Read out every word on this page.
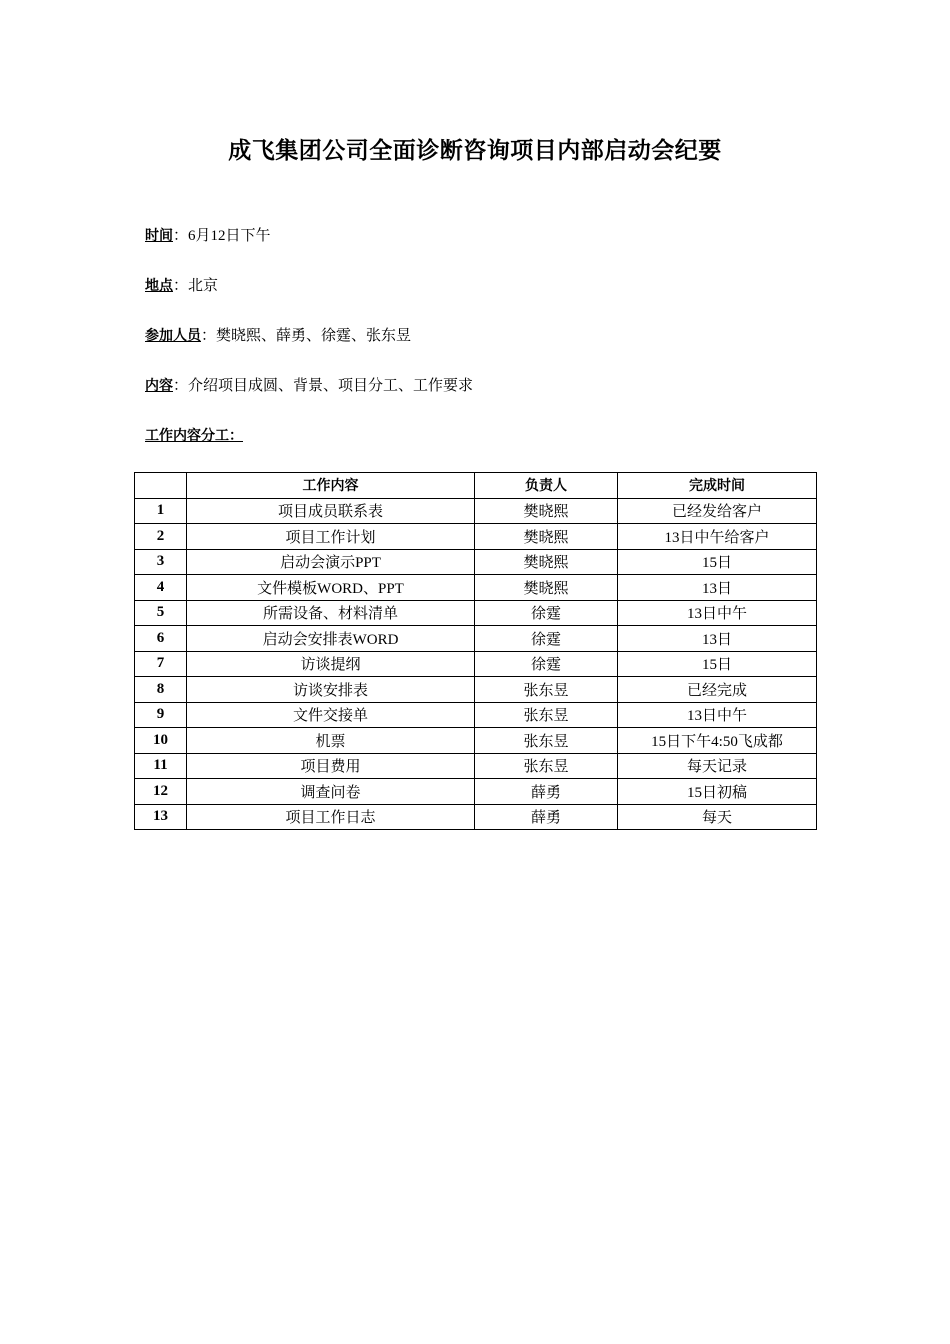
成飞集团公司全面诊断咨询项目内部启动会纪要
时间：6月12日下午
地点：北京
参加人员：樊晓熙、薛勇、徐霆、张东昱
内容：介绍项目成圆、背景、项目分工、工作要求
工作内容分工：
	工作内容	负责人	完成时间
1	项目成员联系表	樊晓熙	已经发给客户
2	项目工作计划	樊晓熙	13日中午给客户
3	启动会演示PPT	樊晓熙	15日
4	文件模板WORD、PPT	樊晓熙	13日
5	所需设备、材料清单	徐霆	13日中午
6	启动会安排表WORD	徐霆	13日
7	访谈提纲	徐霆	15日
8	访谈安排表	张东昱	已经完成
9	文件交接单	张东昱	13日中午
10	机票	张东昱	15日下午4:50飞成都
11	项目费用	张东昱	每天记录
12	调查问卷	薛勇	15日初稿
13	项目工作日志	薛勇	每天
